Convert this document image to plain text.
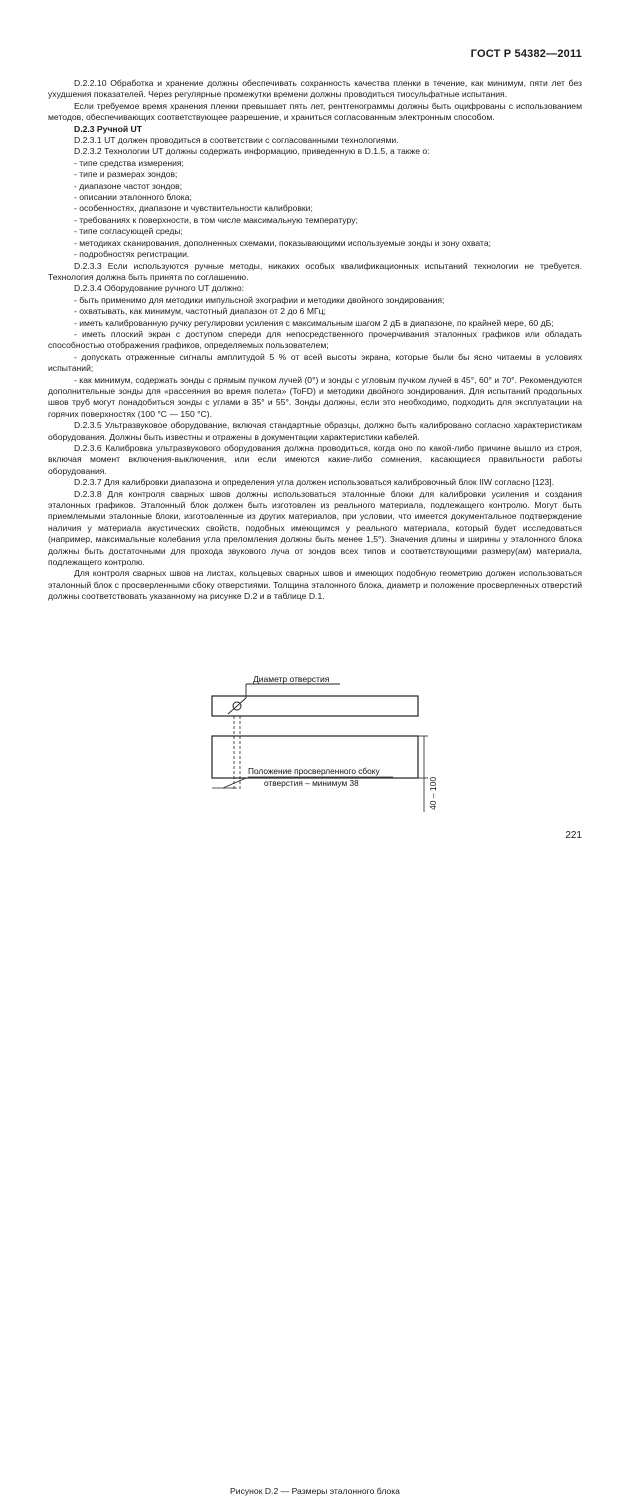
ГОСТ Р 54382—2011

D.2.2.10 Обработка и хранение должны обеспечивать сохранность качества пленки в течение, как минимум, пяти лет без ухудшения показателей. Через регулярные промежутки времени должны проводиться тиосульфатные испытания.

Если требуемое время хранения пленки превышает пять лет, рентгенограммы должны быть оцифрованы с использованием методов, обеспечивающих соответствующее разрешение, и храниться согласованным электронным способом.

D.2.3 Ручной UT

D.2.3.1 UT должен проводиться в соответствии с согласованными технологиями.

D.2.3.2 Технологии UT должны содержать информацию, приведенную в D.1.5, а также о:

- типе средства измерения;

- типе и размерах зондов;

- диапазоне частот зондов;

- описании эталонного блока;

- особенностях, диапазоне и чувствительности калибровки;

- требованиях к поверхности, в том числе максимальную температуру;

- типе согласующей среды;

- методиках сканирования, дополненных схемами, показывающими используемые зонды и зону охвата;

- подробностях регистрации.

D.2.3.3 Если используются ручные методы, никаких особых квалификационных испытаний технологии не требуется. Технология должна быть принята по соглашению.

D.2.3.4 Оборудование ручного UT должно:

- быть применимо для методики импульсной эхографии и методики двойного зондирования;

- охватывать, как минимум, частотный диапазон от 2 до 6 МГц;

- иметь калиброванную ручку регулировки усиления с максимальным шагом 2 дБ в диапазоне, по крайней мере, 60 дБ;

- иметь плоский экран с доступом спереди для непосредственного прочерчивания эталонных графиков или обладать способностью отображения графиков, определяемых пользователем;

- допускать отраженные сигналы амплитудой 5 % от всей высоты экрана, которые были бы ясно читаемы в условиях испытаний;

- как минимум, содержать зонды с прямым пучком лучей (0°) и зонды с угловым пучком лучей в 45°, 60° и 70°. Рекомендуются дополнительные зонды для «рассеяния во время полета» (ToFD) и методики двойного зондирования. Для испытаний продольных швов труб могут понадобиться зонды с углами в 35° и 55°. Зонды должны, если это необходимо, подходить для эксплуатации на горячих поверхностях (100 °С — 150 °С).

D.2.3.5 Ультразвуковое оборудование, включая стандартные образцы, должно быть калибровано согласно характеристикам оборудования. Должны быть известны и отражены в документации характеристики кабелей.

D.2.3.6 Калибровка ультразвукового оборудования должна проводиться, когда оно по какой-либо причине вышло из строя, включая момент включения-выключения, или если имеются какие-либо сомнения, касающиеся правильности работы оборудования.

D.2.3.7 Для калибровки диапазона и определения угла должен использоваться калибровочный блок IIW согласно [123].

D.2.3.8 Для контроля сварных швов должны использоваться эталонные блоки для калибровки усиления и создания эталонных графиков. Эталонный блок должен быть изготовлен из реального материала, подлежащего контролю. Могут быть приемлемыми эталонные блоки, изготовленные из других материалов, при условии, что имеется документальное подтверждение наличия у материала акустических свойств, подобных имеющимся у реального материала, который будет исследоваться (например, максимальные колебания угла преломления должны быть менее 1,5°). Значения длины и ширины у эталонного блока должны быть достаточными для прохода звукового луча от зондов всех типов и соответствующими размеру(ам) материала, подлежащего контролю.

Для контроля сварных швов на листах, кольцевых сварных швов и имеющих подобную геометрию должен использоваться эталонный блок с просверленными сбоку отверстиями. Толщина эталонного блока, диаметр и положение просверленных отверстий должны соответствовать указанному на рисунке D.2 и в таблице D.1.

Диаметр отверстия
Положение просверленного сбоку
отверстия – минимум 38	40 – 100
Рисунок D.2 — Размеры эталонного блока
221
